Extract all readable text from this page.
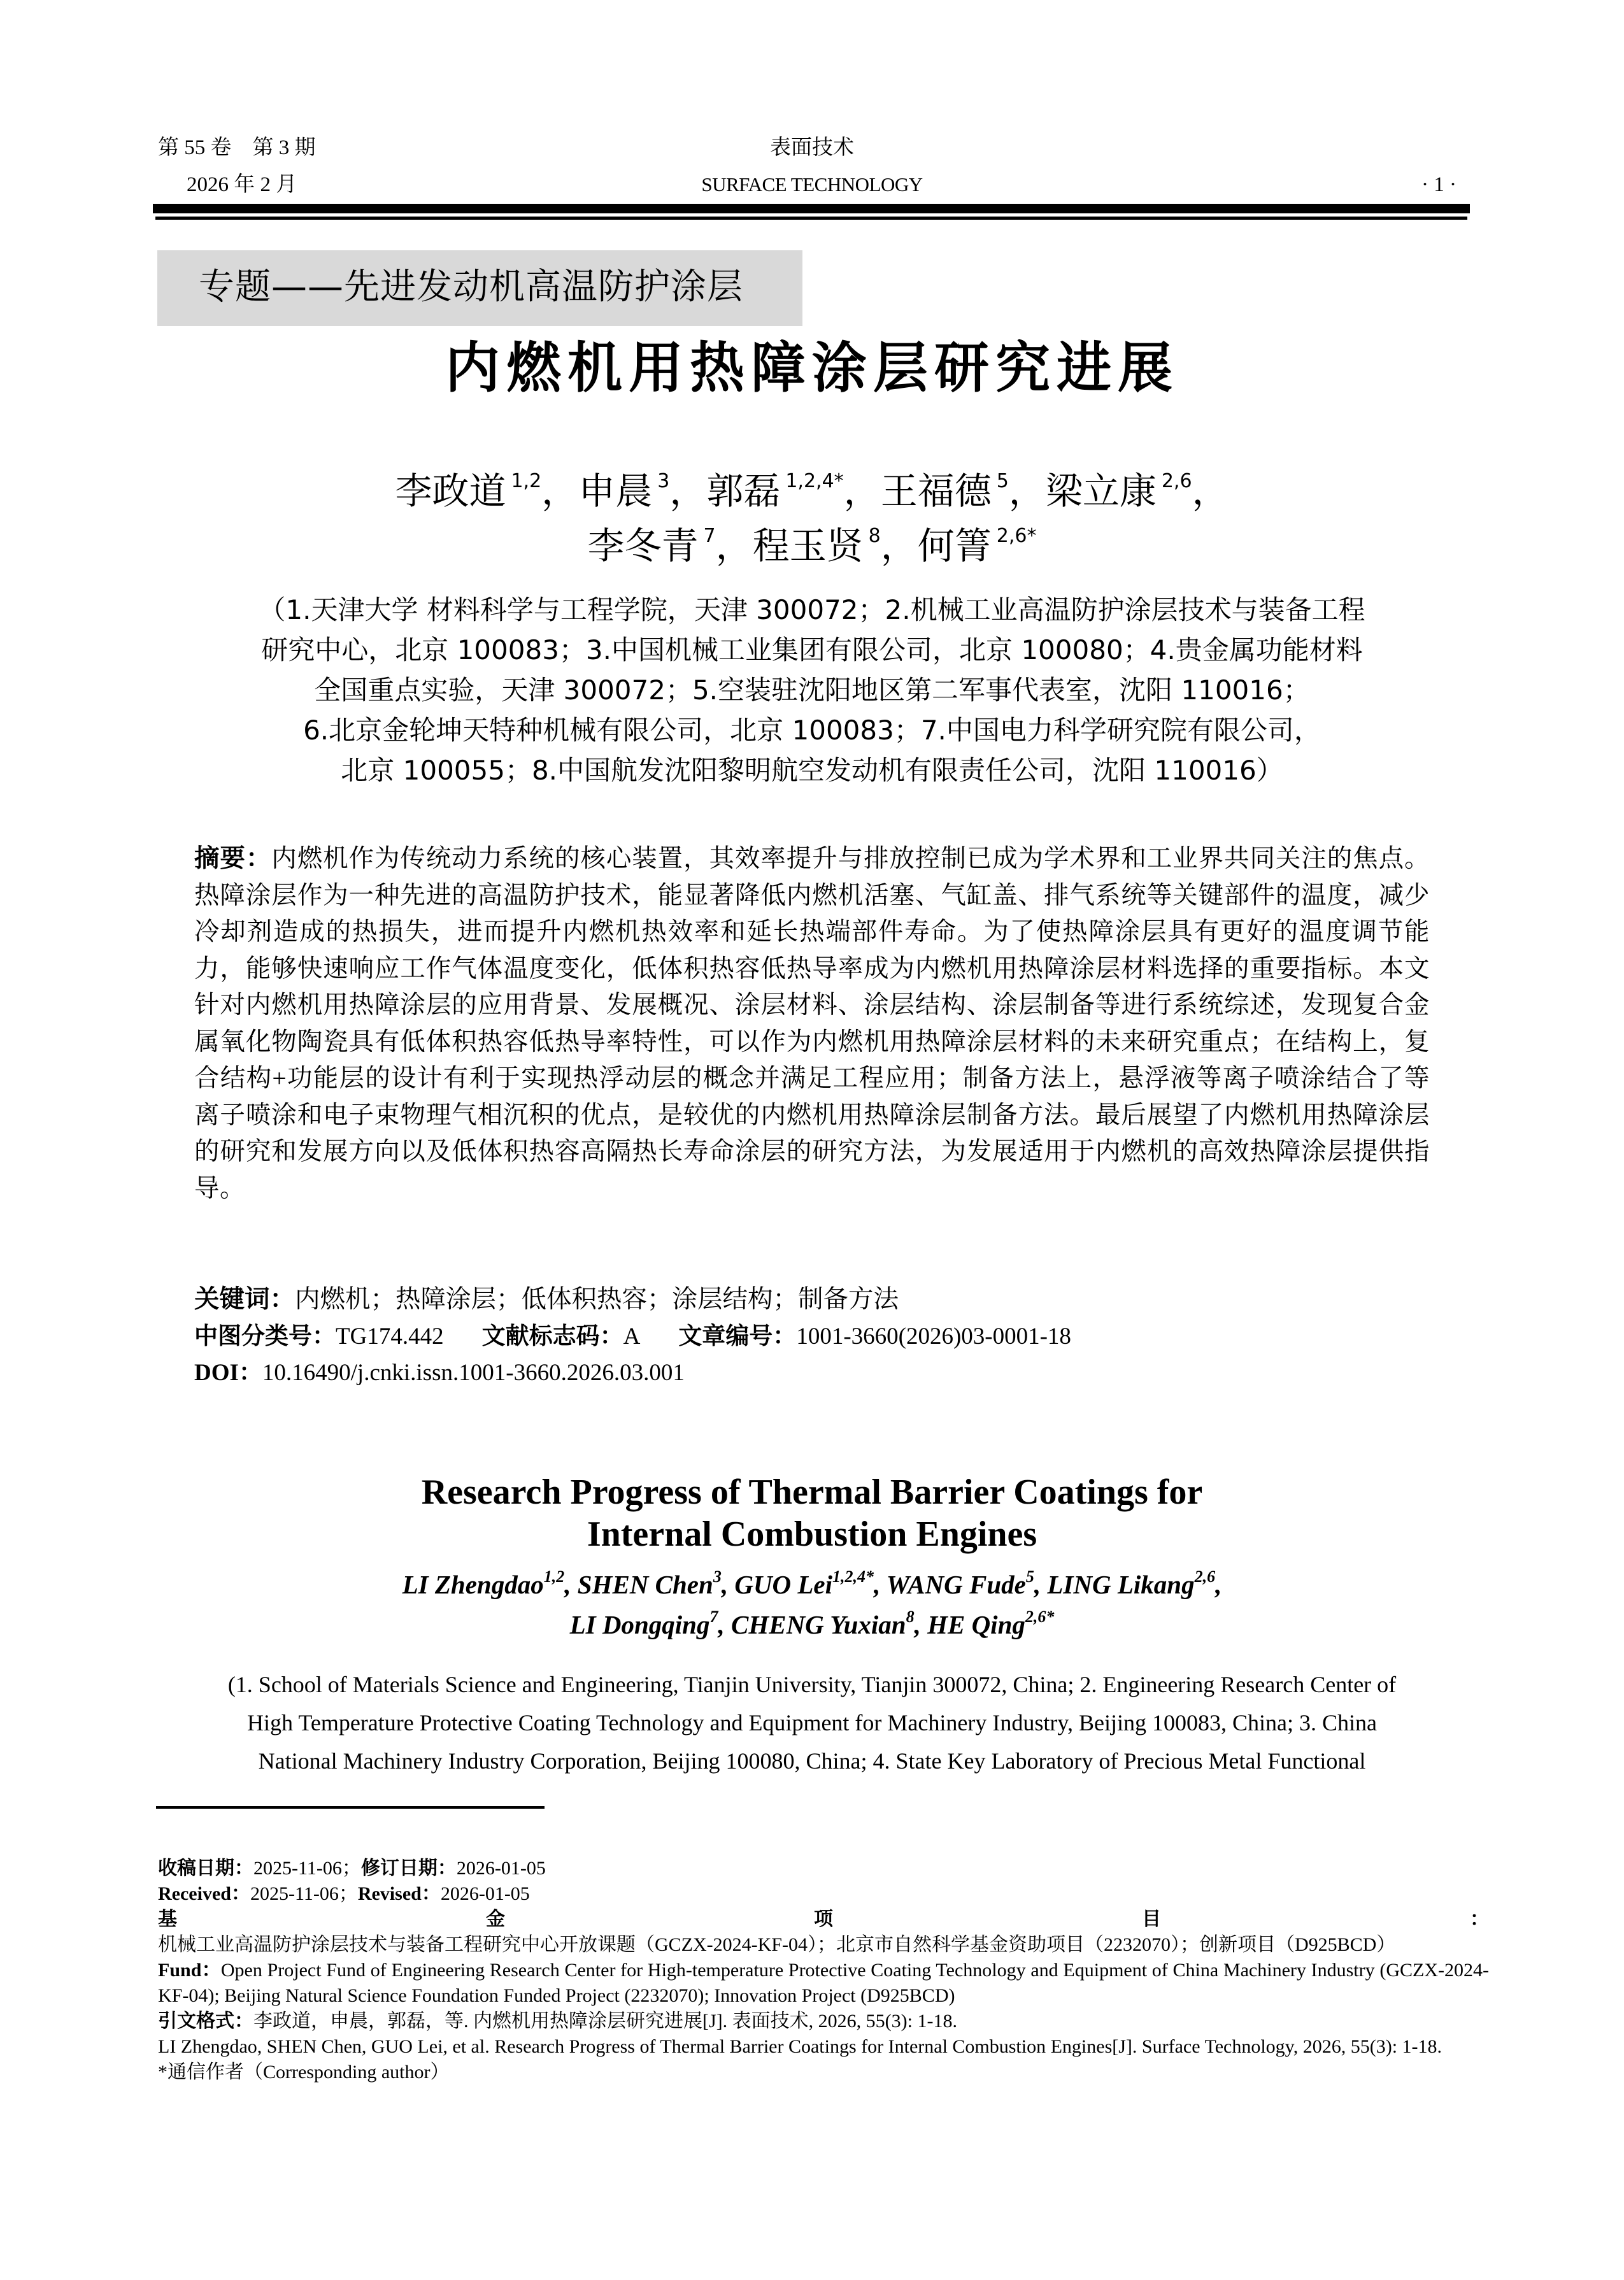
第 55 卷　第 3 期
2026 年 2 月
表面技术
SURFACE TECHNOLOGY	· 1 ·
专题——先进发动机高温防护涂层
内燃机用热障涂层研究进展
李政道 $^{1,2}$，申晨 $^3$，郭磊 $^{1,2,4*}$，王福德 $^5$，梁立康 $^{2,6}$，
李冬青 $^7$，程玉贤 $^8$，何箐 $^{2,6*}$
（1.天津大学 材料科学与工程学院，天津 300072；2.机械工业高温防护涂层技术与装备工程
研究中心，北京 100083；3.中国机械工业集团有限公司，北京 100080；4.贵金属功能材料
全国重点实验，天津 300072；5.空装驻沈阳地区第二军事代表室，沈阳 110016；
6.北京金轮坤天特种机械有限公司，北京 100083；7.中国电力科学研究院有限公司，
北京 100055；8.中国航发沈阳黎明航空发动机有限责任公司，沈阳 110016）
摘要：内燃机作为传统动力系统的核心装置，其效率提升与排放控制已成为学术界和工业界共同关注的焦点。热障涂层作为一种先进的高温防护技术，能显著降低内燃机活塞、气缸盖、排气系统等关键部件的温度，减少冷却剂造成的热损失，进而提升内燃机热效率和延长热端部件寿命。为了使热障涂层具有更好的温度调节能力，能够快速响应工作气体温度变化，低体积热容低热导率成为内燃机用热障涂层材料选择的重要指标。本文针对内燃机用热障涂层的应用背景、发展概况、涂层材料、涂层结构、涂层制备等进行系统综述，发现复合金属氧化物陶瓷具有低体积热容低热导率特性，可以作为内燃机用热障涂层材料的未来研究重点；在结构上，复合结构+功能层的设计有利于实现热浮动层的概念并满足工程应用；制备方法上，悬浮液等离子喷涂结合了等离子喷涂和电子束物理气相沉积的优点，是较优的内燃机用热障涂层制备方法。最后展望了内燃机用热障涂层的研究和发展方向以及低体积热容高隔热长寿命涂层的研究方法，为发展适用于内燃机的高效热障涂层提供指导。
关键词：内燃机；热障涂层；低体积热容；涂层结构；制备方法
中图分类号：TG174.442 文献标志码：A 文章编号：1001-3660(2026)03-0001-18
DOI：10.16490/j.cnki.issn.1001-3660.2026.03.001
Research Progress of Thermal Barrier Coatings for
Internal Combustion Engines
LI Zhengdao$^{1,2}$, SHEN Chen$^3$, GUO Lei$^{1,2,4*}$, WANG Fude$^5$, LING Likang$^{2,6}$,
LI Dongqing$^7$, CHENG Yuxian$^8$, HE Qing$^{2,6*}$
(1. School of Materials Science and Engineering, Tianjin University, Tianjin 300072, China; 2. Engineering Research Center of
High Temperature Protective Coating Technology and Equipment for Machinery Industry, Beijing 100083, China; 3. China
National Machinery Industry Corporation, Beijing 100080, China; 4. State Key Laboratory of Precious Metal Functional
收稿日期：2025-11-06；修订日期：2026-01-05
Received：2025-11-06；Revised：2026-01-05
基金项目：机械工业高温防护涂层技术与装备工程研究中心开放课题（GCZX-2024-KF-04）；北京市自然科学基金资助项目（2232070）；创新项目（D925BCD）
Fund：Open Project Fund of Engineering Research Center for High-temperature Protective Coating Technology and Equipment of China Machinery Industry (GCZX-2024-KF-04); Beijing Natural Science Foundation Funded Project (2232070); Innovation Project (D925BCD)
引文格式：李政道，申晨，郭磊，等. 内燃机用热障涂层研究进展[J]. 表面技术, 2026, 55(3): 1-18.
LI Zhengdao, SHEN Chen, GUO Lei, et al. Research Progress of Thermal Barrier Coatings for Internal Combustion Engines[J]. Surface Technology, 2026, 55(3): 1-18.
*通信作者（Corresponding author）
